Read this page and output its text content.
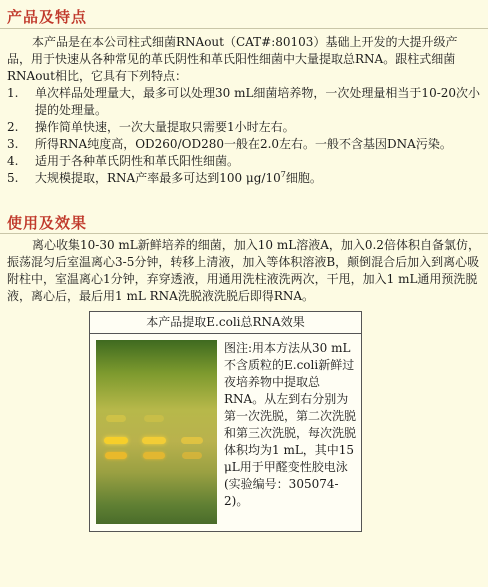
产品及特点
本产品是在本公司柱式细菌RNAout（CAT#:80103）基础上开发的大提升级产品，用于快速从各种常见的革氏阴性和革氏阳性细菌中大量提取总RNA。跟柱式细菌RNAout相比，它具有下列特点：
1. 单次样品处理量大，最多可以处理30 mL细菌培养物，一次处理量相当于10-20次小提的处理量。
2. 操作简单快速，一次大量提取只需要1小时左右。
3. 所得RNA纯度高，OD260/OD280一般在2.0左右。一般不含基因DNA污染。
4. 适用于各种革氏阴性和革氏阳性细菌。
5. 大规模提取，RNA产率最多可达到100 $\mu g/10^7$细胞。
使用及效果
离心收集10-30 mL新鲜培养的细菌，加入10 mL溶液A，加入0.2倍体积自备氯仿，振荡混匀后室温离心3-5分钟，转移上清液，加入等体积溶液B，颠倒混合后加入到离心吸附柱中，室温离心1分钟，弃穿透液，用通用洗柱液洗两次，干甩，加入1 mL通用预洗脱液，离心后，最后用1 mL RNA洗脱液洗脱后即得RNA。
本产品提取E.coli总RNA效果
图注:用本方法从30 mL不含质粒的E.coli新鲜过夜培养物中提取总RNA。从左到右分别为第一次洗脱，第二次洗脱和第三次洗脱，每次洗脱体积均为1 mL，其中15 μL用于甲醛变性胶电泳(实验编号：305074-2)。
